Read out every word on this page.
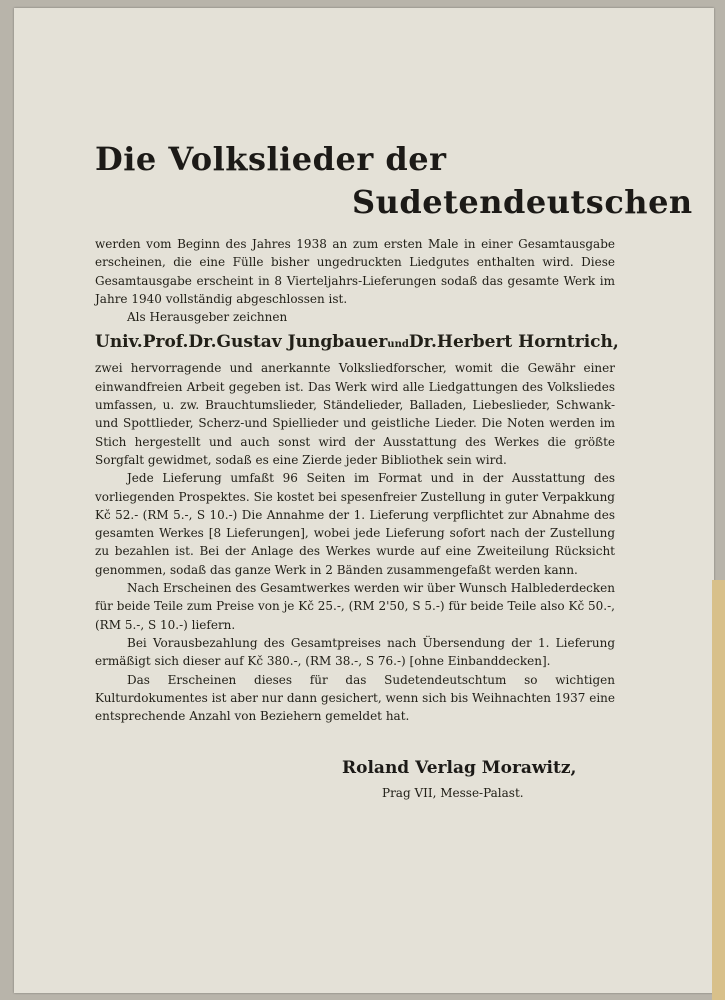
Die Volkslieder der
Sudetendeutschen

werden vom Beginn des Jahres 1938 an zum ersten Male in einer Gesamtausgabe erscheinen, die eine Fülle bisher ungedruckten Liedgutes enthalten wird. Diese Gesamtausgabe erscheint in 8 Vierteljahrs-Lieferungen sodaß das gesamte Werk im Jahre 1940 vollständig abgeschlossen ist.

Als Herausgeber zeichnen

Univ.Prof.Dr.Gustav JungbauerundDr.Herbert Horntrich,

zwei hervorragende und anerkannte Volksliedforscher, womit die Gewähr einer einwandfreien Arbeit gegeben ist. Das Werk wird alle Liedgattungen des Volksliedes umfassen, u. zw. Brauchtumslieder, Ständelieder, Balladen, Liebeslieder, Schwank-und Spottlieder, Scherz-und Spiellieder und geistliche Lieder. Die Noten werden im Stich hergestellt und auch sonst wird der Ausstattung des Werkes die größte Sorgfalt gewidmet, sodaß es eine Zierde jeder Bibliothek sein wird.

Jede Lieferung umfaßt 96 Seiten im Format und in der Ausstattung des vorliegenden Prospektes. Sie kostet bei spesenfreier Zustellung in guter Verpakkung Kč 52.- (RM 5.-, S 10.-) Die Annahme der 1. Lieferung verpflichtet zur Abnahme des gesamten Werkes [8 Lieferungen], wobei jede Lieferung sofort nach der Zustellung zu bezahlen ist. Bei der Anlage des Werkes wurde auf eine Zweiteilung Rücksicht genommen, sodaß das ganze Werk in 2 Bänden zusammengefaßt werden kann.

Nach Erscheinen des Gesamtwerkes werden wir über Wunsch Halblederdecken für beide Teile zum Preise von je Kč 25.-, (RM 2'50, S 5.-) für beide Teile also Kč 50.-, (RM 5.-, S 10.-) liefern.

Bei Vorausbezahlung des Gesamtpreises nach Übersendung der 1. Lieferung ermäßigt sich dieser auf Kč 380.-, (RM 38.-, S 76.-) [ohne Einbanddecken].

Das Erscheinen dieses für das Sudetendeutschtum so wichtigen Kulturdokumentes ist aber nur dann gesichert, wenn sich bis Weihnachten 1937 eine entsprechende Anzahl von Beziehern gemeldet hat.

Roland Verlag Morawitz,
Prag VII, Messe-Palast.
